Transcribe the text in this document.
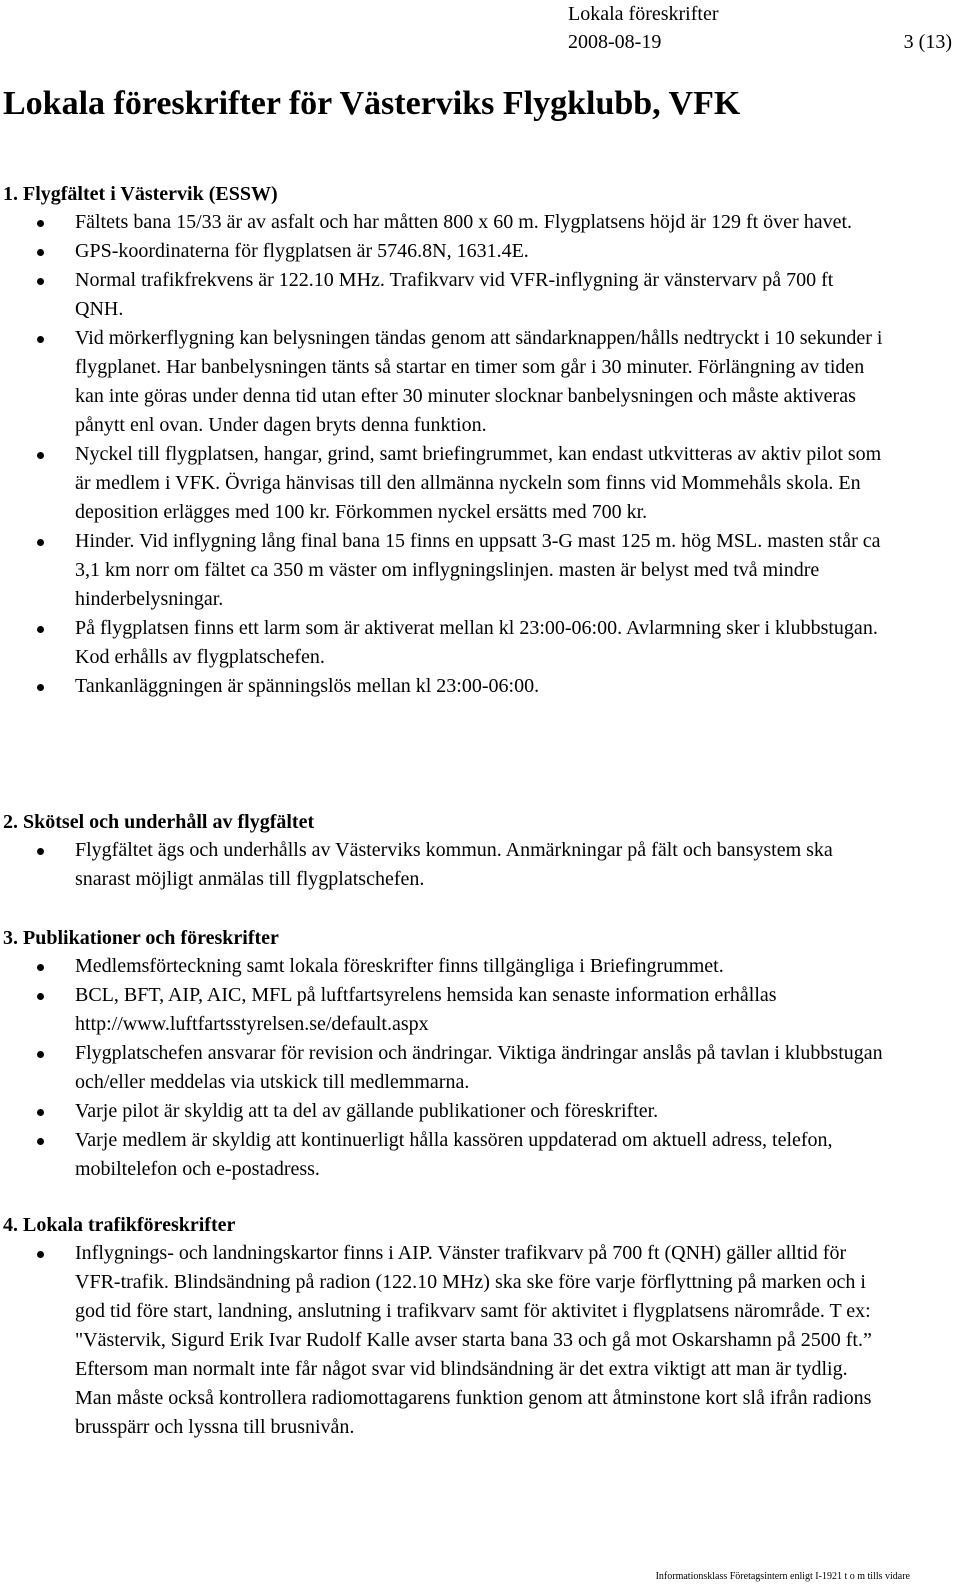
Lokala föreskrifter
2008-08-19	3 (13)
Lokala föreskrifter för Västerviks Flygklubb, VFK
1. Flygfältet i Västervik (ESSW)
Fältets bana 15/33 är av asfalt och har måtten 800 x 60 m. Flygplatsens höjd är 129 ft över havet.
GPS-koordinaterna för flygplatsen är 5746.8N, 1631.4E.
Normal trafikfrekvens är 122.10 MHz. Trafikvarv vid VFR-inflygning är vänstervarv på 700 ft QNH.
Vid mörkerflygning kan belysningen tändas genom att sändarknappen/hålls nedtryckt i 10 sekunder i flygplanet. Har banbelysningen tänts så startar en timer som går i 30 minuter. Förlängning av tiden kan inte göras under denna tid utan efter 30 minuter slocknar banbelysningen och måste aktiveras pånytt enl ovan. Under dagen bryts denna funktion.
Nyckel till flygplatsen, hangar, grind, samt briefingrummet, kan endast utkvitteras av aktiv pilot som är medlem i VFK. Övriga hänvisas till den allmänna nyckeln som finns vid Mommehåls skola. En deposition erlägges med 100 kr. Förkommen nyckel ersätts med 700 kr.
Hinder. Vid inflygning lång final bana 15 finns en uppsatt 3-G mast 125 m. hög MSL. masten står ca 3,1 km norr om fältet ca 350 m väster om inflygningslinjen. masten är belyst med två mindre hinderbelysningar.
På flygplatsen finns ett larm som är aktiverat mellan kl 23:00-06:00. Avlarmning sker i klubbstugan. Kod erhålls av flygplatschefen.
Tankanläggningen är spänningslös mellan kl 23:00-06:00.
2. Skötsel och underhåll av flygfältet
Flygfältet ägs och underhålls av Västerviks kommun. Anmärkningar på fält och bansystem ska snarast möjligt anmälas till flygplatschefen.
3. Publikationer och föreskrifter
Medlemsförteckning samt lokala föreskrifter finns tillgängliga i Briefingrummet.
BCL, BFT, AIP, AIC, MFL på luftfartsyrelens hemsida kan senaste information erhållas http://www.luftfartsstyrelsen.se/default.aspx
Flygplatschefen ansvarar för revision och ändringar. Viktiga ändringar anslås på tavlan i klubbstugan och/eller meddelas via utskick till medlemmarna.
Varje pilot är skyldig att ta del av gällande publikationer och föreskrifter.
Varje medlem är skyldig att kontinuerligt hålla kassören uppdaterad om aktuell adress, telefon, mobiltelefon och e-postadress.
4. Lokala trafikföreskrifter
Inflygnings- och landningskartor finns i AIP. Vänster trafikvarv på 700 ft (QNH) gäller alltid för VFR-trafik. Blindsändning på radion (122.10 MHz) ska ske före varje förflyttning på marken och i god tid före start, landning, anslutning i trafikvarv samt för aktivitet i flygplatsens närområde. T ex: "Västervik, Sigurd Erik Ivar Rudolf Kalle avser starta bana 33 och gå mot Oskarshamn på 2500 ft.” Eftersom man normalt inte får något svar vid blindsändning är det extra viktigt att man är tydlig. Man måste också kontrollera radiomottagarens funktion genom att åtminstone kort slå ifrån radions brusspärr och lyssna till brusnivån.
Informationsklass Företagsintern enligt I-1921 t o m tills vidare
